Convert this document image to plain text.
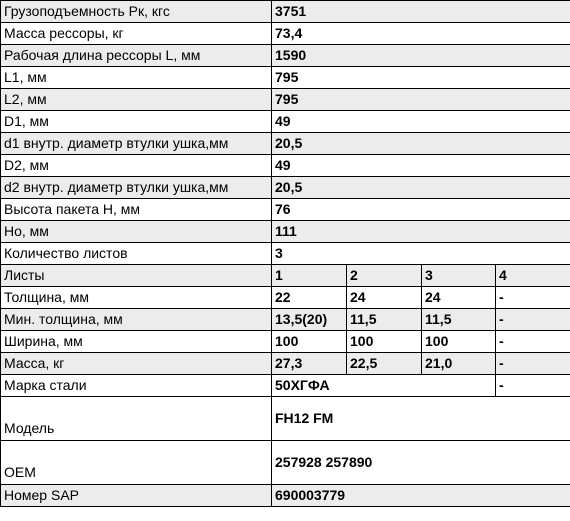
Грузоподъемность Pк, кгс	3751			
Масса рессоры, кг	73,4			
Рабочая длина рессоры L, мм	1590			
L1, мм	795			
L2, мм	795			
D1, мм	49			
d1 внутр. диаметр втулки ушка,мм	20,5			
D2, мм	49			
d2 внутр. диаметр втулки ушка,мм	20,5			
Высота пакета H, мм	76			
Ho, мм	111			
Количество листов	3			
Листы	1	2	3	4
Толщина, мм	22	24	24	-
Мин. толщина, мм	13,5(20)	11,5	11,5	-
Ширина, мм	100	100	100	-
Масса, кг	27,3	22,5	21,0	-
Марка стали	50ХГФА			-
Модель	FH12 FM			
OEM	257928 257890			
Номер SAP	690003779			
